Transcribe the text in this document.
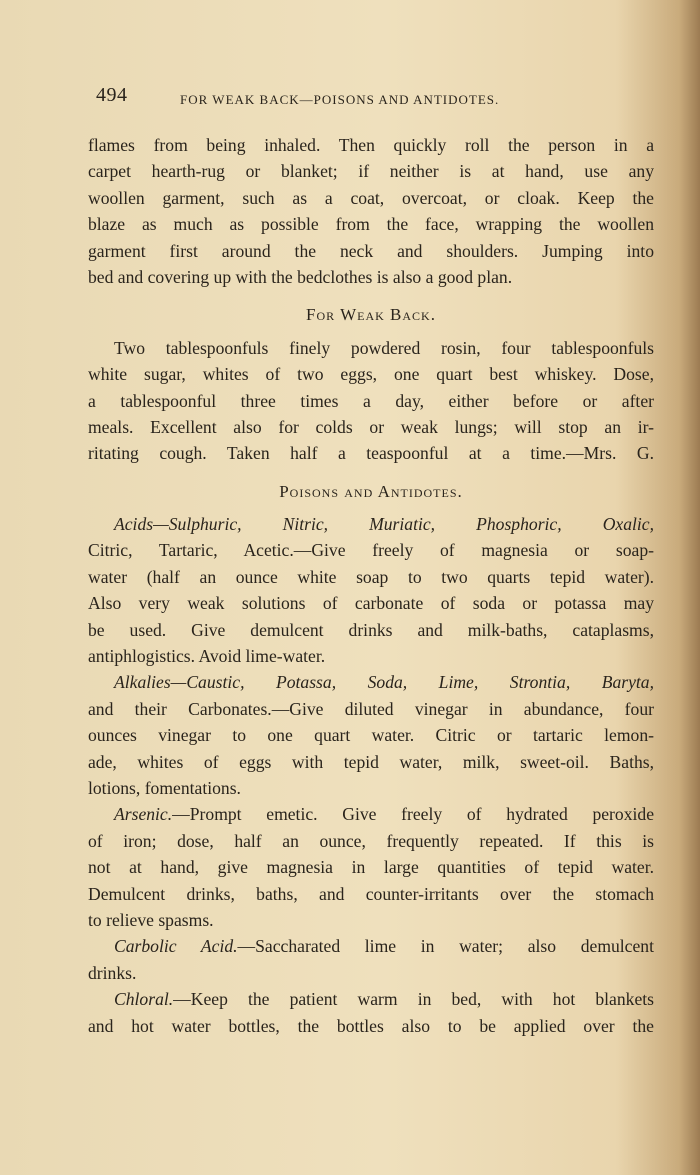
494	FOR WEAK BACK—POISONS AND ANTIDOTES.
flames from being inhaled. Then quickly roll the person in a
carpet hearth-rug or blanket; if neither is at hand, use any
woollen garment, such as a coat, overcoat, or cloak. Keep the
blaze as much as possible from the face, wrapping the woollen
garment first around the neck and shoulders. Jumping into
bed and covering up with the bedclothes is also a good plan.
For Weak Back.
Two tablespoonfuls finely powdered rosin, four tablespoonfuls
white sugar, whites of two eggs, one quart best whiskey. Dose,
a tablespoonful three times a day, either before or after
meals. Excellent also for colds or weak lungs; will stop an ir-
ritating cough. Taken half a teaspoonful at a time.—Mrs. G.
Poisons and Antidotes.
Acids—Sulphuric, Nitric, Muriatic, Phosphoric, Oxalic,
Citric, Tartaric, Acetic.—Give freely of magnesia or soap-
water (half an ounce white soap to two quarts tepid water).
Also very weak solutions of carbonate of soda or potassa may
be used. Give demulcent drinks and milk-baths, cataplasms,
antiphlogistics. Avoid lime-water.
Alkalies—Caustic, Potassa, Soda, Lime, Strontia, Baryta,
and their Carbonates.—Give diluted vinegar in abundance, four
ounces vinegar to one quart water. Citric or tartaric lemon-
ade, whites of eggs with tepid water, milk, sweet-oil. Baths,
lotions, fomentations.
Arsenic.—Prompt emetic. Give freely of hydrated peroxide
of iron; dose, half an ounce, frequently repeated. If this is
not at hand, give magnesia in large quantities of tepid water.
Demulcent drinks, baths, and counter-irritants over the stomach
to relieve spasms.
Carbolic Acid.—Saccharated lime in water; also demulcent
drinks.
Chloral.—Keep the patient warm in bed, with hot blankets
and hot water bottles, the bottles also to be applied over the
